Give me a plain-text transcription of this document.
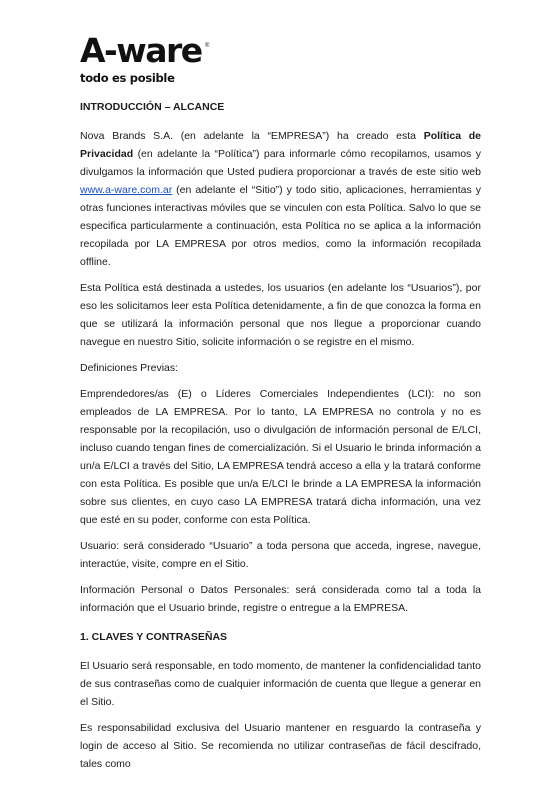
A-ware ®
todo es posible
INTRODUCCIÓN – ALCANCE

Nova Brands S.A. (en adelante la “EMPRESA”) ha creado esta Política de Privacidad (en adelante la “Política”) para informarle cómo recopilamos, usamos y divulgamos la información que Usted pudiera proporcionar a través de este sitio web www.a-ware.com.ar (en adelante el “Sitio”) y todo sitio, aplicaciones, herramientas y otras funciones interactivas móviles que se vinculen con esta Política. Salvo lo que se especifica particularmente a continuación, esta Política no se aplica a la información recopilada por LA EMPRESA por otros medios, como la información recopilada offline.

Esta Política está destinada a ustedes, los usuarios (en adelante los “Usuarios”), por eso les solicitamos leer esta Política detenidamente, a fin de que conozca la forma en que se utilizará la información personal que nos llegue a proporcionar cuando navegue en nuestro Sitio, solicite información o se registre en el mismo.

Definiciones Previas:

Emprendedores/as (E) o Líderes Comerciales Independientes (LCI): no son empleados de LA EMPRESA. Por lo tanto, LA EMPRESA no controla y no es responsable por la recopilación, uso o divulgación de información personal de E/LCI, incluso cuando tengan fines de comercialización. Si el Usuario le brinda información a un/a E/LCI a través del Sitio, LA EMPRESA tendrá acceso a ella y la tratará conforme con esta Política. Es posible que un/a E/LCI le brinde a LA EMPRESA la información sobre sus clientes, en cuyo caso LA EMPRESA tratará dicha información, una vez que esté en su poder, conforme con esta Política.

Usuario: será considerado “Usuario” a toda persona que acceda, ingrese, navegue, interactúe, visite, compre en el Sitio.

Información Personal o Datos Personales: será considerada como tal a toda la información que el Usuario brinde, registre o entregue a la EMPRESA.

1. CLAVES Y CONTRASEÑAS

El Usuario será responsable, en todo momento, de mantener la confidencialidad tanto de sus contraseñas como de cualquier información de cuenta que llegue a generar en el Sitio.

Es responsabilidad exclusiva del Usuario mantener en resguardo la contraseña y login de acceso al Sitio. Se recomienda no utilizar contraseñas de fácil descifrado, tales como
